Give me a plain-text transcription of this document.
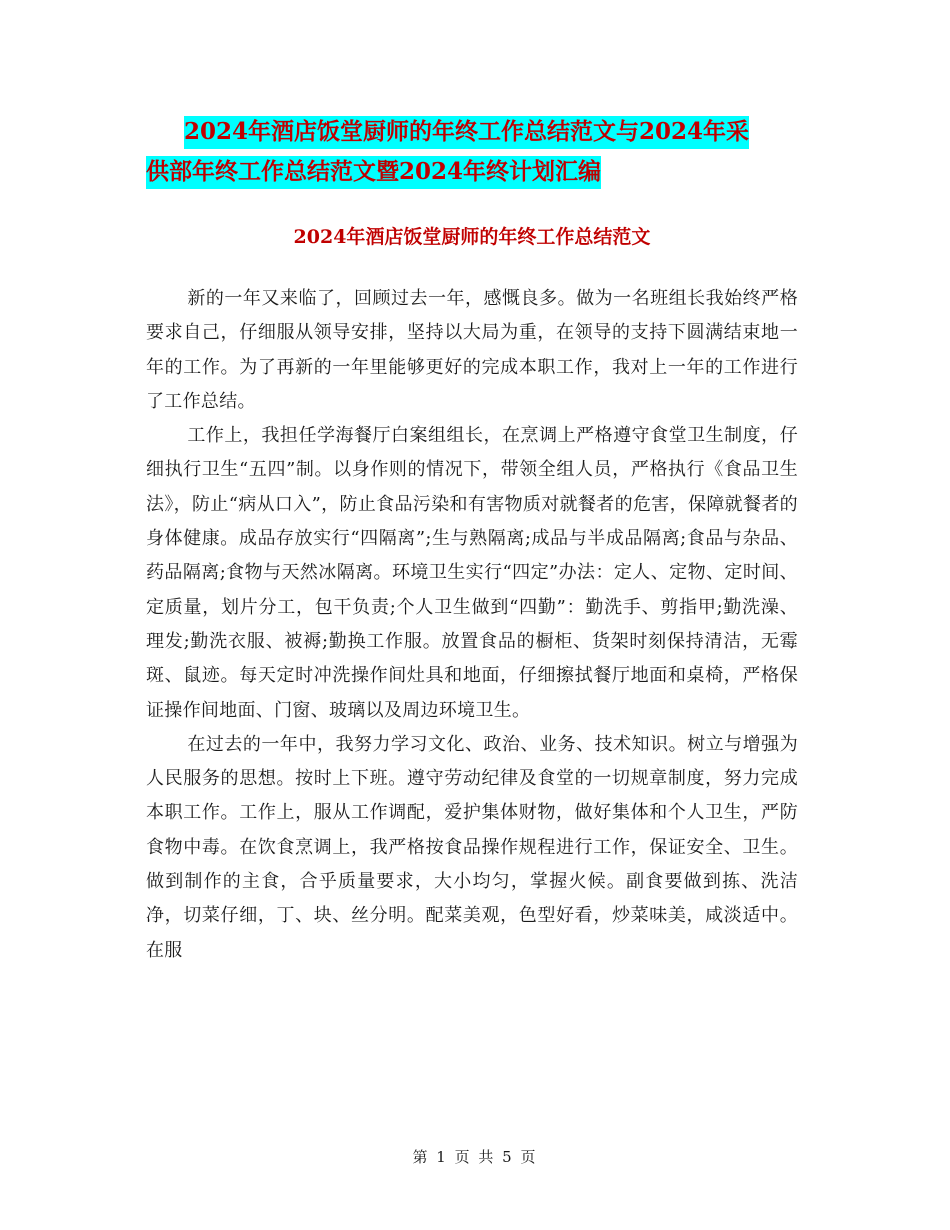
2024年酒店饭堂厨师的年终工作总结范文与2024年采
供部年终工作总结范文暨2024年终计划汇编
2024年酒店饭堂厨师的年终工作总结范文

新的一年又来临了，回顾过去一年，感慨良多。做为一名班组长我始终严格要求自己，仔细服从领导安排，坚持以大局为重，在领导的支持下圆满结束地一年的工作。为了再新的一年里能够更好的完成本职工作，我对上一年的工作进行了工作总结。

工作上，我担任学海餐厅白案组组长，在烹调上严格遵守食堂卫生制度，仔细执行卫生“五四”制。以身作则的情况下，带领全组人员，严格执行《食品卫生法》，防止“病从口入”，防止食品污染和有害物质对就餐者的危害，保障就餐者的身体健康。成品存放实行“四隔离”;生与熟隔离;成品与半成品隔离;食品与杂品、药品隔离;食物与天然冰隔离。环境卫生实行“四定”办法：定人、定物、定时间、定质量，划片分工，包干负责;个人卫生做到“四勤”：勤洗手、剪指甲;勤洗澡、理发;勤洗衣服、被褥;勤换工作服。放置食品的橱柜、货架时刻保持清洁，无霉斑、鼠迹。每天定时冲洗操作间灶具和地面，仔细擦拭餐厅地面和桌椅，严格保证操作间地面、门窗、玻璃以及周边环境卫生。

在过去的一年中，我努力学习文化、政治、业务、技术知识。树立与增强为人民服务的思想。按时上下班。遵守劳动纪律及食堂的一切规章制度，努力完成本职工作。工作上，服从工作调配，爱护集体财物，做好集体和个人卫生，严防食物中毒。在饮食烹调上，我严格按食品操作规程进行工作，保证安全、卫生。做到制作的主食，合乎质量要求，大小均匀，掌握火候。副食要做到拣、洗洁净，切菜仔细，丁、块、丝分明。配菜美观，色型好看，炒菜味美，咸淡适中。在服

第 1 页 共 5 页
